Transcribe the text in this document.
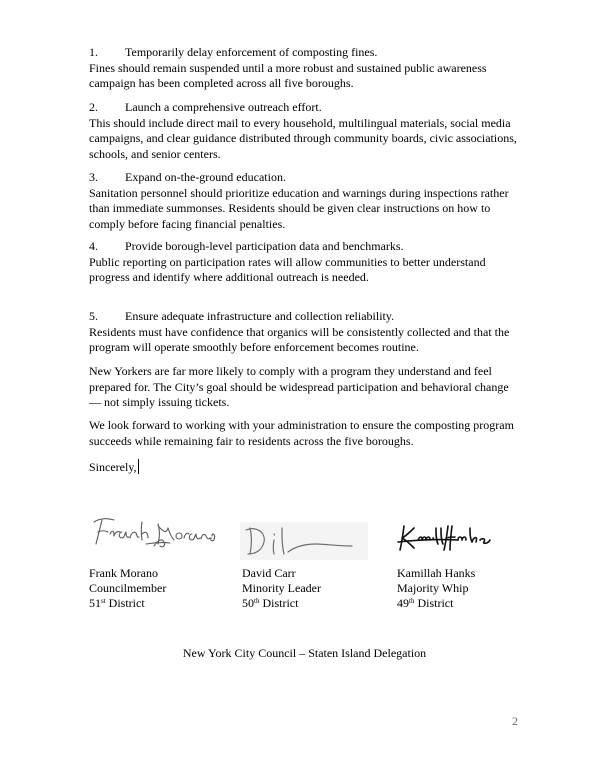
1. Temporarily delay enforcement of composting fines.

Fines should remain suspended until a more robust and sustained public awareness
campaign has been completed across all five boroughs.

2. Launch a comprehensive outreach effort.

This should include direct mail to every household, multilingual materials, social media
campaigns, and clear guidance distributed through community boards, civic associations,
schools, and senior centers.

3. Expand on-the-ground education.

Sanitation personnel should prioritize education and warnings during inspections rather
than immediate summonses. Residents should be given clear instructions on how to
comply before facing financial penalties.

4. Provide borough-level participation data and benchmarks.

Public reporting on participation rates will allow communities to better understand
progress and identify where additional outreach is needed.

5. Ensure adequate infrastructure and collection reliability.

Residents must have confidence that organics will be consistently collected and that the
program will operate smoothly before enforcement becomes routine.
New Yorkers are far more likely to comply with a program they understand and feel
prepared for. The City’s goal should be widespread participation and behavioral change
— not simply issuing tickets.
We look forward to working with your administration to ensure the composting program
succeeds while remaining fair to residents across the five boroughs.
Sincerely,
Frank Morano
Councilmember
51st District
David Carr
Minority Leader
50th District
Kamillah Hanks
Majority Whip
49th District
New York City Council – Staten Island Delegation
2
